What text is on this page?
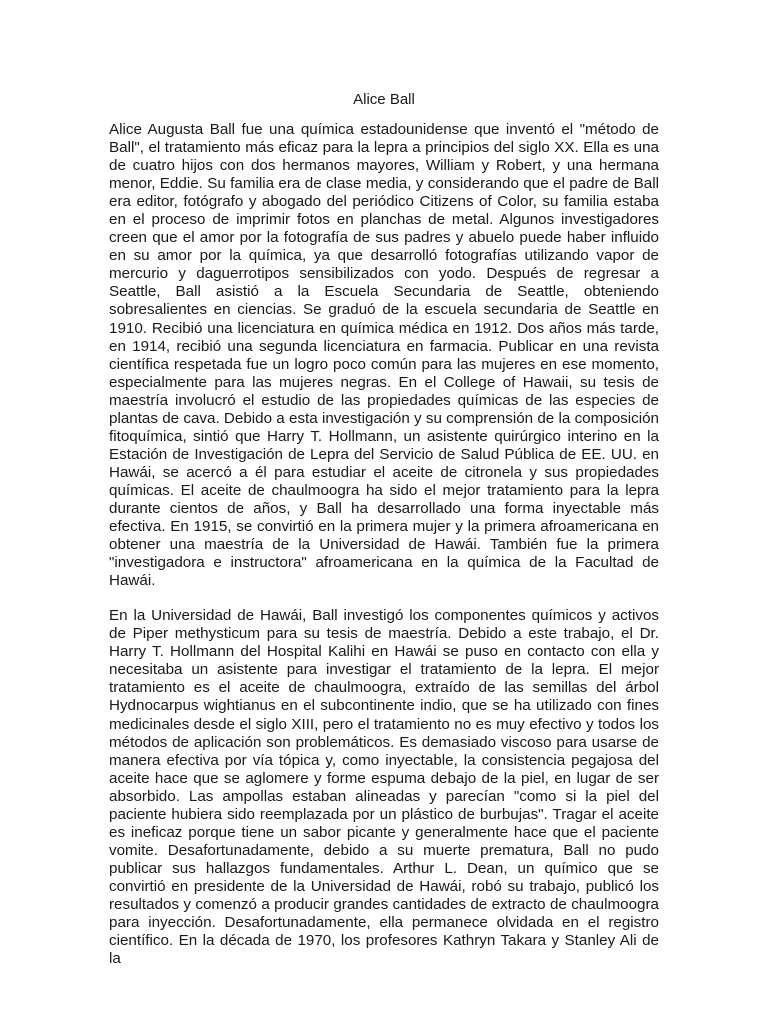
Alice Ball

Alice Augusta Ball fue una química estadounidense que inventó el "método de Ball", el tratamiento más eficaz para la lepra a principios del siglo XX. Ella es una de cuatro hijos con dos hermanos mayores, William y Robert, y una hermana menor, Eddie. Su familia era de clase media, y considerando que el padre de Ball era editor, fotógrafo y abogado del periódico Citizens of Color, su familia estaba en el proceso de imprimir fotos en planchas de metal. Algunos investigadores creen que el amor por la fotografía de sus padres y abuelo puede haber influido en su amor por la química, ya que desarrolló fotografías utilizando vapor de mercurio y daguerrotipos sensibilizados con yodo. Después de regresar a Seattle, Ball asistió a la Escuela Secundaria de Seattle, obteniendo sobresalientes en ciencias. Se graduó de la escuela secundaria de Seattle en 1910. Recibió una licenciatura en química médica en 1912. Dos años más tarde, en 1914, recibió una segunda licenciatura en farmacia. Publicar en una revista científica respetada fue un logro poco común para las mujeres en ese momento, especialmente para las mujeres negras. En el College of Hawaii, su tesis de maestría involucró el estudio de las propiedades químicas de las especies de plantas de cava. Debido a esta investigación y su comprensión de la composición fitoquímica, sintió que Harry T. Hollmann, un asistente quirúrgico interino en la Estación de Investigación de Lepra del Servicio de Salud Pública de EE. UU. en Hawái, se acercó a él para estudiar el aceite de citronela y sus propiedades químicas. El aceite de chaulmoogra ha sido el mejor tratamiento para la lepra durante cientos de años, y Ball ha desarrollado una forma inyectable más efectiva. En 1915, se convirtió en la primera mujer y la primera afroamericana en obtener una maestría de la Universidad de Hawái. También fue la primera "investigadora e instructora" afroamericana en la química de la Facultad de Hawái.

En la Universidad de Hawái, Ball investigó los componentes químicos y activos de Piper methysticum para su tesis de maestría. Debido a este trabajo, el Dr. Harry T. Hollmann del Hospital Kalihi en Hawái se puso en contacto con ella y necesitaba un asistente para investigar el tratamiento de la lepra. El mejor tratamiento es el aceite de chaulmoogra, extraído de las semillas del árbol Hydnocarpus wightianus en el subcontinente indio, que se ha utilizado con fines medicinales desde el siglo XIII, pero el tratamiento no es muy efectivo y todos los métodos de aplicación son problemáticos. Es demasiado viscoso para usarse de manera efectiva por vía tópica y, como inyectable, la consistencia pegajosa del aceite hace que se aglomere y forme espuma debajo de la piel, en lugar de ser absorbido. Las ampollas estaban alineadas y parecían "como si la piel del paciente hubiera sido reemplazada por un plástico de burbujas". Tragar el aceite es ineficaz porque tiene un sabor picante y generalmente hace que el paciente vomite. Desafortunadamente, debido a su muerte prematura, Ball no pudo publicar sus hallazgos fundamentales. Arthur L. Dean, un químico que se convirtió en presidente de la Universidad de Hawái, robó su trabajo, publicó los resultados y comenzó a producir grandes cantidades de extracto de chaulmoogra para inyección. Desafortunadamente, ella permanece olvidada en el registro científico. En la década de 1970, los profesores Kathryn Takara y Stanley Ali de la
